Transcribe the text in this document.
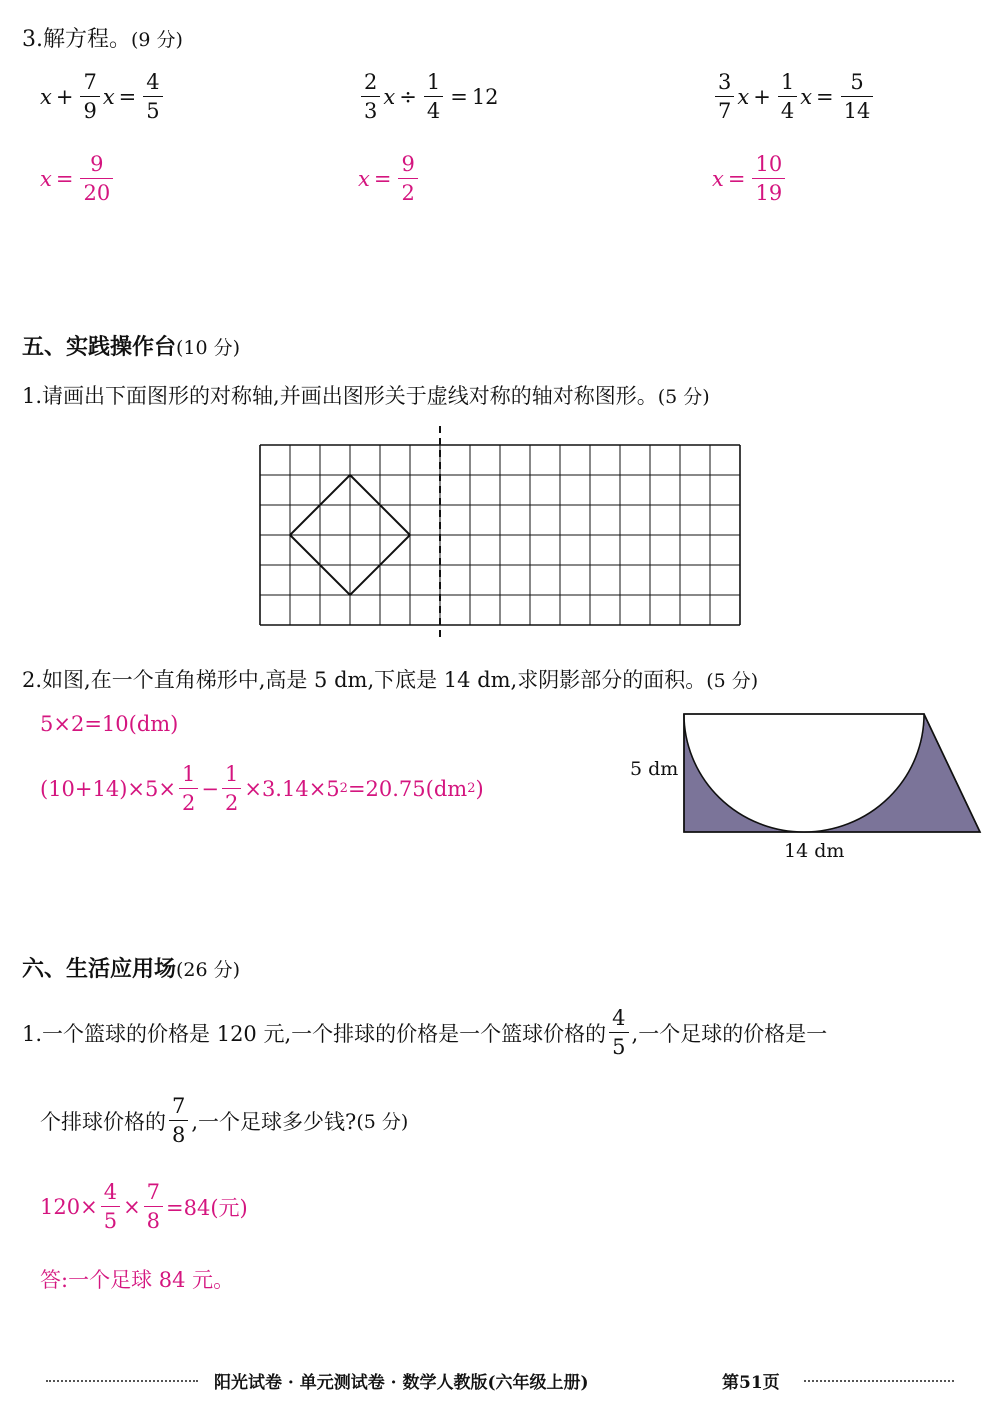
3.解方程。(9 分)
$x + \frac{7}{9}$ $x = \frac{4}{5}$	$\frac{2}{3}$ $x \div \frac{1}{4} = 12$	$\frac{3}{7}$ $x + \frac{1}{4}$ $x = \frac{5}{14}$
$x = \frac{9}{20}$	$x = \frac{9}{2}$	$x = \frac{10}{19}$
五、实践操作台(10 分)
1.请画出下面图形的对称轴,并画出图形关于虚线对称的轴对称图形。(5 分)
2.如图,在一个直角梯形中,高是 5 dm,下底是 14 dm,求阴影部分的面积。(5 分)
5×2=10(dm)
$(10+14)\times 5\times \frac{1}{2} - \frac{1}{2} \times 3.14\times 5$ 2 =20.75(dm 2 )
5 dm
14 dm
六、生活应用场(26 分)
1.一个篮球的价格是 120 元,一个排球的价格是一个篮球价格的 $\frac{4}{5}$ ,一个足球的价格是一
个排球价格的 $\frac{7}{8}$ ,一个足球多少钱? (5 分)
$120\times \frac{4}{5} \times \frac{7}{8} =84$(元)
答:一个足球 84 元。
阳光试卷 · 单元测试卷 · 数学人教版(六年级上册)	第51页
